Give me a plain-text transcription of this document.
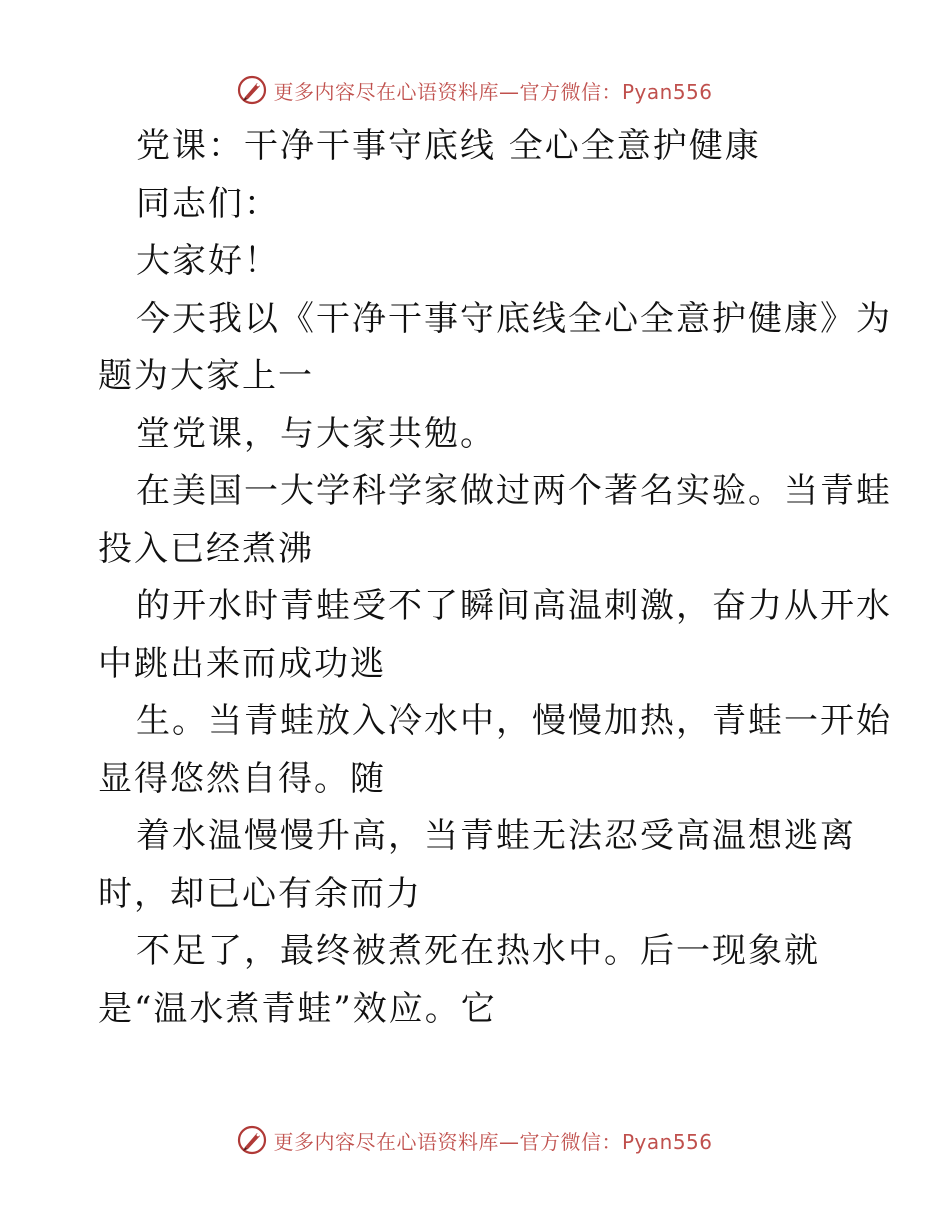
更多内容尽在心语资料库—官方微信：Pyan556
党课：干净干事守底线 全心全意护健康
同志们：
大家好！
今天我以《干净干事守底线全心全意护健康》为
题为大家上一
堂党课，与大家共勉。
在美国一大学科学家做过两个著名实验。当青蛙
投入已经煮沸
的开水时青蛙受不了瞬间高温刺激，奋力从开水
中跳出来而成功逃
生。当青蛙放入冷水中，慢慢加热，青蛙一开始
显得悠然自得。随
着水温慢慢升高，当青蛙无法忍受高温想逃离
时，却已心有余而力
不足了，最终被煮死在热水中。后一现象就
是“温水煮青蛙”效应。它
更多内容尽在心语资料库—官方微信：Pyan556
